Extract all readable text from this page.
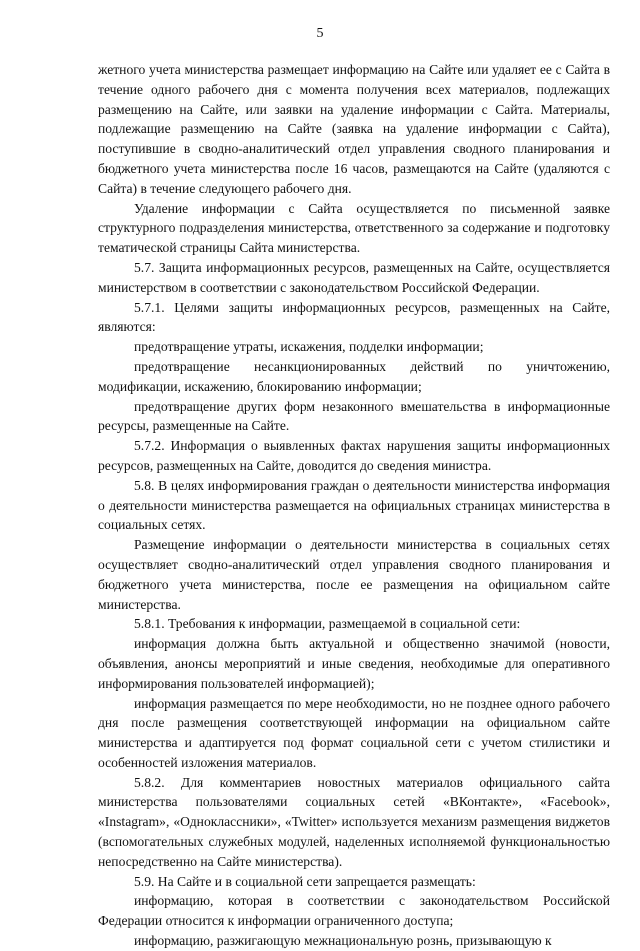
5

жетного учета министерства размещает информацию на Сайте или удаляет ее с Сайта в течение одного рабочего дня с момента получения всех материалов, подлежащих размещению на Сайте, или заявки на удаление информации с Сайта. Материалы, подлежащие размещению на Сайте (заявка на удаление информации с Сайта), поступившие в сводно-аналитический отдел управления сводного планирования и бюджетного учета министерства после 16 часов, размещаются на Сайте (удаляются с Сайта) в течение следующего рабочего дня.

Удаление информации с Сайта осуществляется по письменной заявке структурного подразделения министерства, ответственного за содержание и подготовку тематической страницы Сайта министерства.

5.7. Защита информационных ресурсов, размещенных на Сайте, осуществляется министерством в соответствии с законодательством Российской Федерации.

5.7.1. Целями защиты информационных ресурсов, размещенных на Сайте, являются:

предотвращение утраты, искажения, подделки информации;

предотвращение несанкционированных действий по уничтожению, модификации, искажению, блокированию информации;

предотвращение других форм незаконного вмешательства в информационные ресурсы, размещенные на Сайте.

5.7.2. Информация о выявленных фактах нарушения защиты информационных ресурсов, размещенных на Сайте, доводится до сведения министра.

5.8. В целях информирования граждан о деятельности министерства информация о деятельности министерства размещается на официальных страницах министерства в социальных сетях.

Размещение информации о деятельности министерства в социальных сетях осуществляет сводно-аналитический отдел управления сводного планирования и бюджетного учета министерства, после ее размещения на официальном сайте министерства.

5.8.1. Требования к информации, размещаемой в социальной сети:

информация должна быть актуальной и общественно значимой (новости, объявления, анонсы мероприятий и иные сведения, необходимые для оперативного информирования пользователей информацией);

информация размещается по мере необходимости, но не позднее одного рабочего дня после размещения соответствующей информации на официальном сайте министерства и адаптируется под формат социальной сети с учетом стилистики и особенностей изложения материалов.

5.8.2. Для комментариев новостных материалов официального сайта министерства пользователями социальных сетей «ВКонтакте», «Facebook», «Instagram», «Одноклассники», «Twitter» используется механизм размещения виджетов (вспомогательных служебных модулей, наделенных исполняемой функциональностью непосредственно на Сайте министерства).

5.9. На Сайте и в социальной сети запрещается размещать:

информацию, которая в соответствии с законодательством Российской Федерации относится к информации ограниченного доступа;

информацию, разжигающую межнациональную рознь, призывающую к
